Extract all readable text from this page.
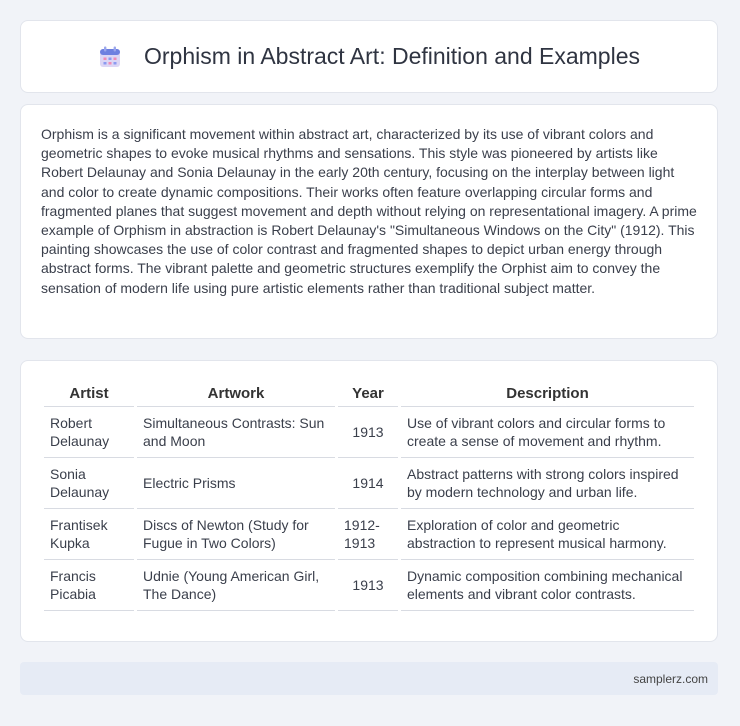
Orphism in Abstract Art: Definition and Examples

Orphism is a significant movement within abstract art, characterized by its use of vibrant colors and geometric shapes to evoke musical rhythms and sensations. This style was pioneered by artists like Robert Delaunay and Sonia Delaunay in the early 20th century, focusing on the interplay between light and color to create dynamic compositions. Their works often feature overlapping circular forms and fragmented planes that suggest movement and depth without relying on representational imagery. A prime example of Orphism in abstraction is Robert Delaunay's "Simultaneous Windows on the City" (1912). This painting showcases the use of color contrast and fragmented shapes to depict urban energy through abstract forms. The vibrant palette and geometric structures exemplify the Orphist aim to convey the sensation of modern life using pure artistic elements rather than traditional subject matter.

Artist	Artwork	Year	Description
Robert Delaunay	Simultaneous Contrasts: Sun and Moon	1913	Use of vibrant colors and circular forms to create a sense of movement and rhythm.
Sonia Delaunay	Electric Prisms	1914	Abstract patterns with strong colors inspired by modern technology and urban life.
Frantisek Kupka	Discs of Newton (Study for Fugue in Two Colors)	1912-1913	Exploration of color and geometric abstraction to represent musical harmony.
Francis Picabia	Udnie (Young American Girl, The Dance)	1913	Dynamic composition combining mechanical elements and vibrant color contrasts.
samplerz.com
